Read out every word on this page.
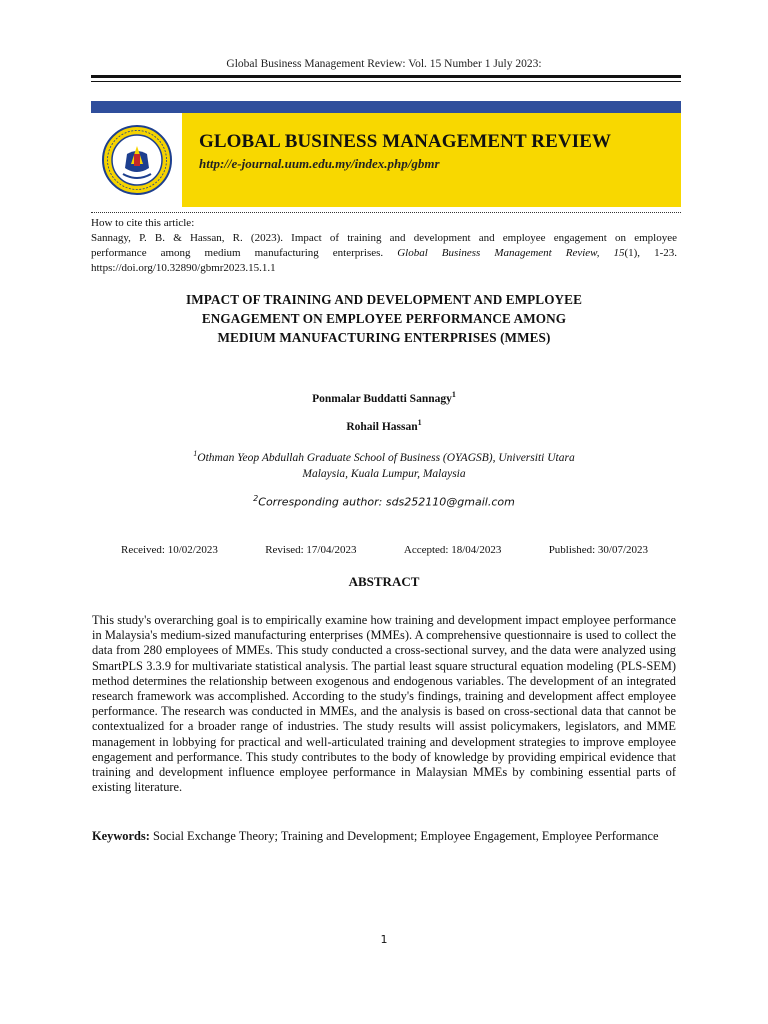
Global Business Management Review: Vol. 15 Number 1 July 2023:
GLOBAL BUSINESS MANAGEMENT REVIEW
http://e-journal.uum.edu.my/index.php/gbmr
How to cite this article:
Sannagy, P. B. & Hassan, R. (2023). Impact of training and development and employee engagement on employee
performance among medium manufacturing enterprises. Global Business Management Review, 15(1), 1-23.
https://doi.org/10.32890/gbmr2023.15.1.1
IMPACT OF TRAINING AND DEVELOPMENT AND EMPLOYEE
ENGAGEMENT ON EMPLOYEE PERFORMANCE AMONG
MEDIUM MANUFACTURING ENTERPRISES (MMES)
Ponmalar Buddatti Sannagy$^1$
Rohail Hassan$^1$
$^1$Othman Yeop Abdullah Graduate School of Business (OYAGSB), Universiti Utara
Malaysia, Kuala Lumpur, Malaysia
$^2$Corresponding author: sds252110@gmail.com
Received: 10/02/2023	Revised: 17/04/2023	Accepted: 18/04/2023	Published: 30/07/2023
ABSTRACT
This study's overarching goal is to empirically examine how training and development impact employee performance in Malaysia's medium-sized manufacturing enterprises (MMEs). A comprehensive questionnaire is used to collect the data from 280 employees of MMEs. This study conducted a cross-sectional survey, and the data were analyzed using SmartPLS 3.3.9 for multivariate statistical analysis. The partial least square structural equation modeling (PLS-SEM) method determines the relationship between exogenous and endogenous variables. The development of an integrated research framework was accomplished. According to the study's findings, training and development affect employee performance. The research was conducted in MMEs, and the analysis is based on cross-sectional data that cannot be contextualized for a broader range of industries. The study results will assist policymakers, legislators, and MME management in lobbying for practical and well-articulated training and development strategies to improve employee engagement and performance. This study contributes to the body of knowledge by providing empirical evidence that training and development influence employee performance in Malaysian MMEs by combining essential parts of existing literature.
Keywords: Social Exchange Theory; Training and Development; Employee Engagement, Employee Performance
1
